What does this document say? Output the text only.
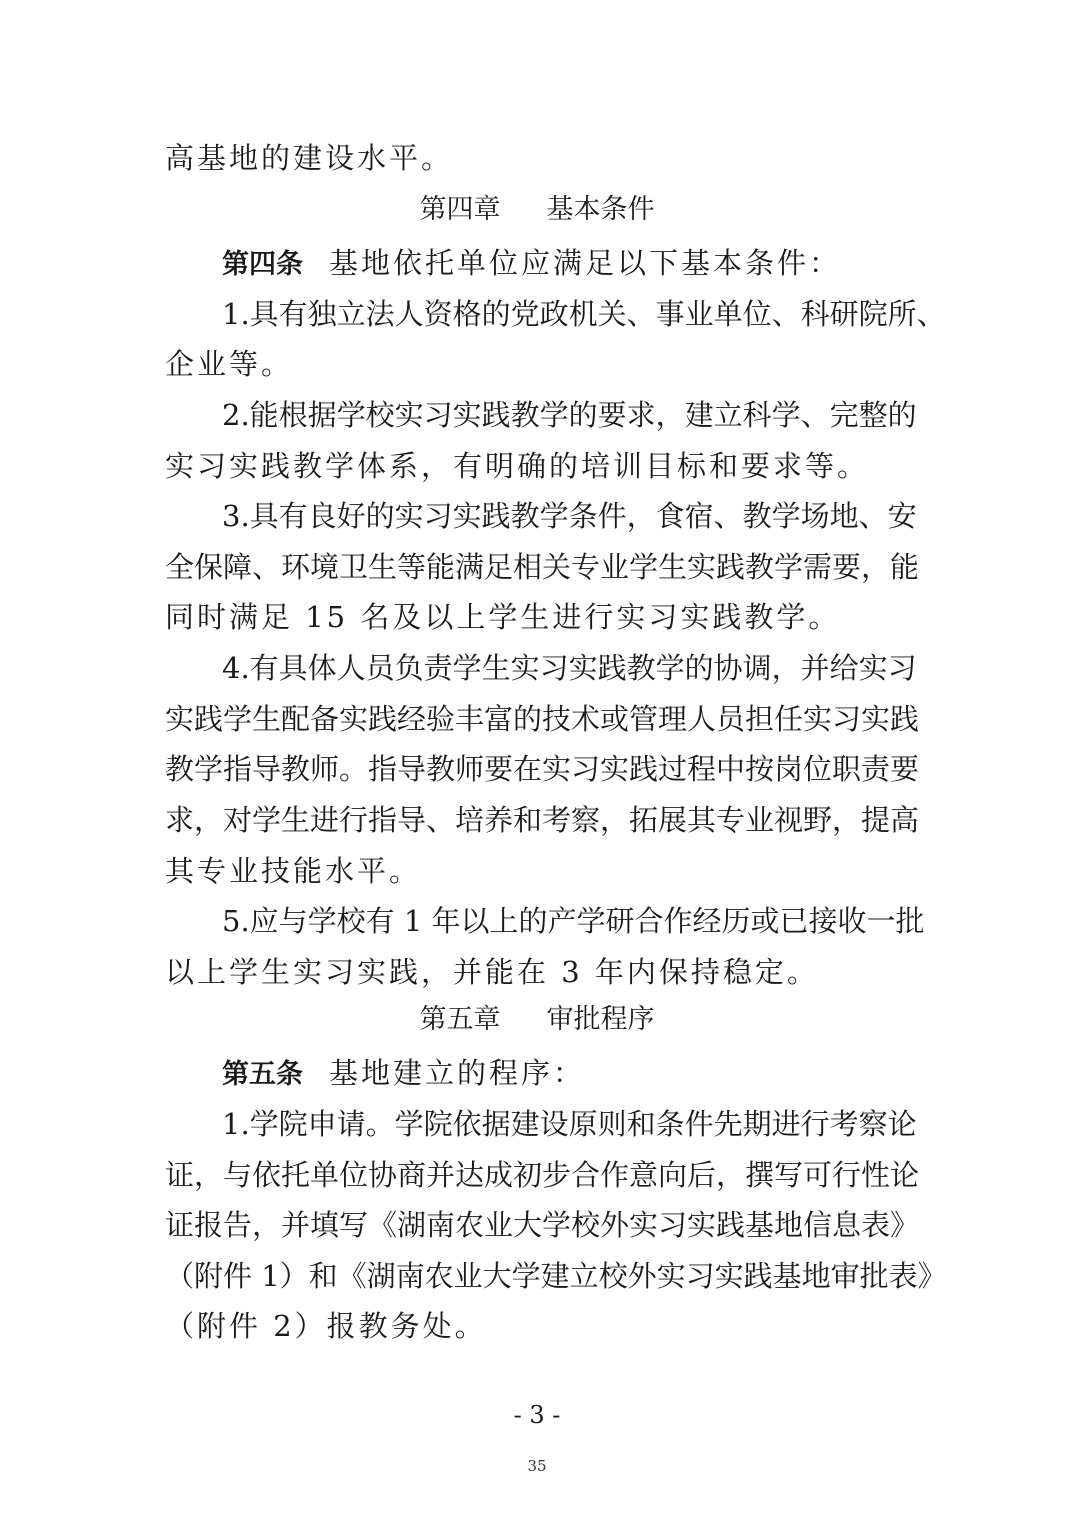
高基地的建设水平。
第四章 基本条件
第四条 基地依托单位应满足以下基本条件：
1.具有独立法人资格的党政机关、事业单位、科研院所、
企业等。
2.能根据学校实习实践教学的要求，建立科学、完整的
实习实践教学体系，有明确的培训目标和要求等。
3.具有良好的实习实践教学条件，食宿、教学场地、安
全保障、环境卫生等能满足相关专业学生实践教学需要，能
同时满足 15 名及以上学生进行实习实践教学。
4.有具体人员负责学生实习实践教学的协调，并给实习
实践学生配备实践经验丰富的技术或管理人员担任实习实践
教学指导教师。指导教师要在实习实践过程中按岗位职责要
求，对学生进行指导、培养和考察，拓展其专业视野，提高
其专业技能水平。
5.应与学校有 1 年以上的产学研合作经历或已接收一批
以上学生实习实践，并能在 3 年内保持稳定。
第五章 审批程序
第五条 基地建立的程序：
1.学院申请。学院依据建设原则和条件先期进行考察论
证，与依托单位协商并达成初步合作意向后，撰写可行性论
证报告，并填写《湖南农业大学校外实习实践基地信息表》
（附件 1）和《湖南农业大学建立校外实习实践基地审批表》
（附件 2）报教务处。
- 3 -
35
